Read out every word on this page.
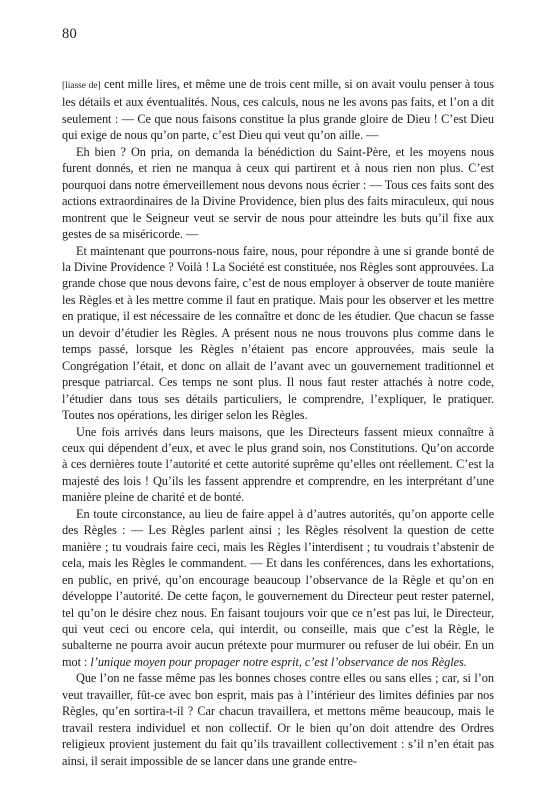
80

[liasse de] cent mille lires, et même une de trois cent mille, si on avait voulu penser à tous les détails et aux éventualités. Nous, ces calculs, nous ne les avons pas faits, et l’on a dit seulement : — Ce que nous faisons constitue la plus grande gloire de Dieu ! C’est Dieu qui exige de nous qu’on parte, c’est Dieu qui veut qu’on aille. —

Eh bien ? On pria, on demanda la bénédiction du Saint-Père, et les moyens nous furent donnés, et rien ne manqua à ceux qui partirent et à nous rien non plus. C’est pourquoi dans notre émerveillement nous devons nous écrier : — Tous ces faits sont des actions extraordinaires de la Divine Providence, bien plus des faits miraculeux, qui nous montrent que le Seigneur veut se servir de nous pour atteindre les buts qu’il fixe aux gestes de sa miséricorde. —

Et maintenant que pourrons-nous faire, nous, pour répondre à une si grande bonté de la Divine Providence ? Voilà ! La Société est constituée, nos Règles sont approuvées. La grande chose que nous devons faire, c’est de nous employer à observer de toute manière les Règles et à les mettre comme il faut en pratique. Mais pour les observer et les mettre en pratique, il est nécessaire de les connaître et donc de les étudier. Que chacun se fasse un devoir d’étudier les Règles. A présent nous ne nous trouvons plus comme dans le temps passé, lorsque les Règles n’étaient pas encore approuvées, mais seule la Congrégation l’était, et donc on allait de l’avant avec un gouvernement traditionnel et presque patriarcal. Ces temps ne sont plus. Il nous faut rester attachés à notre code, l’étudier dans tous ses détails particuliers, le comprendre, l’expliquer, le pratiquer. Toutes nos opérations, les diriger selon les Règles.

Une fois arrivés dans leurs maisons, que les Directeurs fassent mieux connaître à ceux qui dépendent d’eux, et avec le plus grand soin, nos Constitutions. Qu’on accorde à ces dernières toute l’autorité et cette autorité suprême qu’elles ont réellement. C’est la majesté des lois ! Qu’ils les fassent apprendre et comprendre, en les interprétant d’une manière pleine de charité et de bonté.

En toute circonstance, au lieu de faire appel à d’autres autorités, qu’on apporte celle des Règles : — Les Règles parlent ainsi ; les Règles résolvent la question de cette manière ; tu voudrais faire ceci, mais les Règles l’interdisent ; tu voudrais t’abstenir de cela, mais les Règles le commandent. — Et dans les conférences, dans les exhortations, en public, en privé, qu’on encourage beaucoup l’observance de la Règle et qu’on en développe l’autorité. De cette façon, le gouvernement du Directeur peut rester paternel, tel qu’on le désire chez nous. En faisant toujours voir que ce n’est pas lui, le Directeur, qui veut ceci ou encore cela, qui interdit, ou conseille, mais que c’est la Règle, le subalterne ne pourra avoir aucun prétexte pour murmurer ou refuser de lui obéir. En un mot : l’unique moyen pour propager notre esprit, c’est l’observance de nos Règles.

Que l’on ne fasse même pas les bonnes choses contre elles ou sans elles ; car, si l’on veut travailler, fût-ce avec bon esprit, mais pas à l’intérieur des limites définies par nos Règles, qu’en sortira-t-il ? Car chacun travaillera, et mettons même beaucoup, mais le travail restera individuel et non collectif. Or le bien qu’on doit attendre des Ordres religieux provient justement du fait qu’ils travaillent collectivement : s’il n’en était pas ainsi, il serait impossible de se lancer dans une grande entre-
